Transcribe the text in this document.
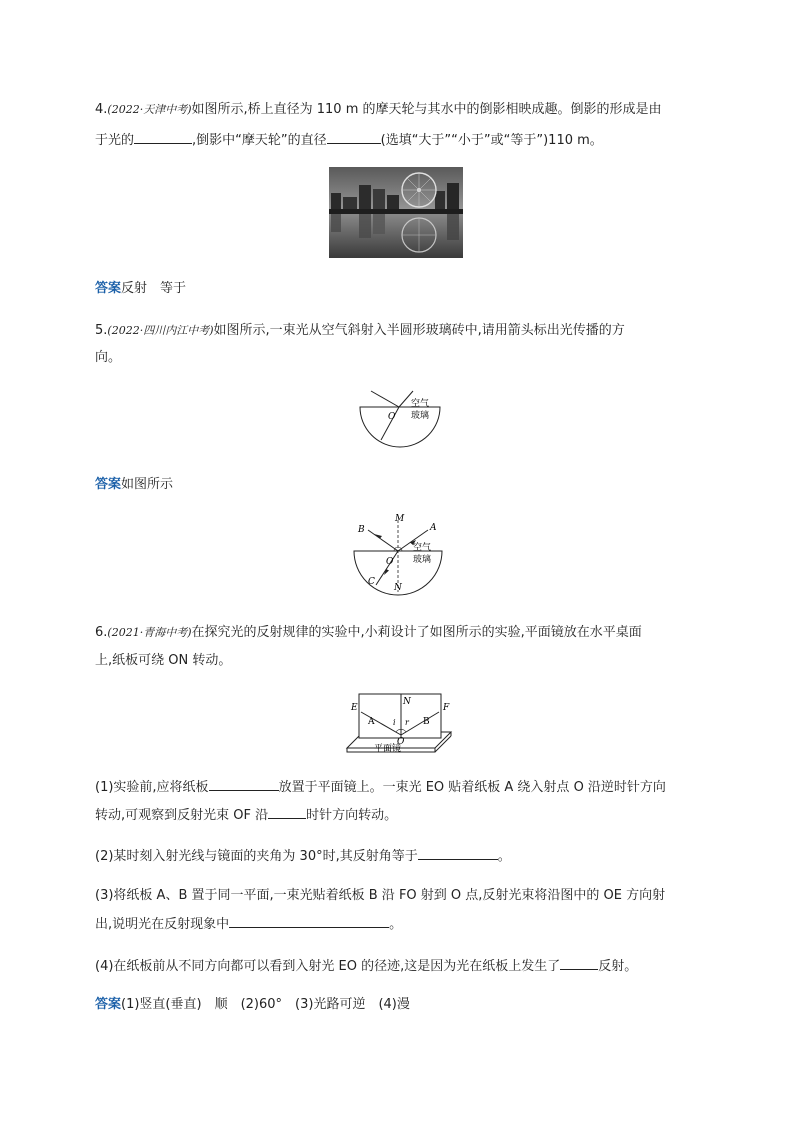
4.(2022·天津中考)如图所示,桥上直径为 110 m 的摩天轮与其水中的倒影相映成趣。倒影的形成是由
于光的	,倒影中“摩天轮”的直径	(选填“大于”“小于”或“等于”)110 m。
答案反射　等于
5.(2022·四川内江中考)如图所示,一束光从空气斜射入半圆形玻璃砖中,请用箭头标出光传播的方
向。
O
空气
玻璃
答案如图所示
B
M
A
O
C
N
空气
玻璃
6.(2021·青海中考)在探究光的反射规律的实验中,小莉设计了如图所示的实验,平面镜放在水平桌面
上,纸板可绕 ON 转动。
E	F
N
A	B
i r
O
平面镜
(1)实验前,应将纸板	放置于平面镜上。一束光 EO 贴着纸板 A 绕入射点 O 沿逆时针方向
转动,可观察到反射光束 OF 沿	时针方向转动。
(2)某时刻入射光线与镜面的夹角为 30°时,其反射角等于	。
(3)将纸板 A、B 置于同一平面,一束光贴着纸板 B 沿 FO 射到 O 点,反射光束将沿图中的 OE 方向射
出,说明光在反射现象中	。
(4)在纸板前从不同方向都可以看到入射光 EO 的径迹,这是因为光在纸板上发生了	反射。
答案(1)竖直(垂直)　顺　(2)60°　(3)光路可逆　(4)漫
